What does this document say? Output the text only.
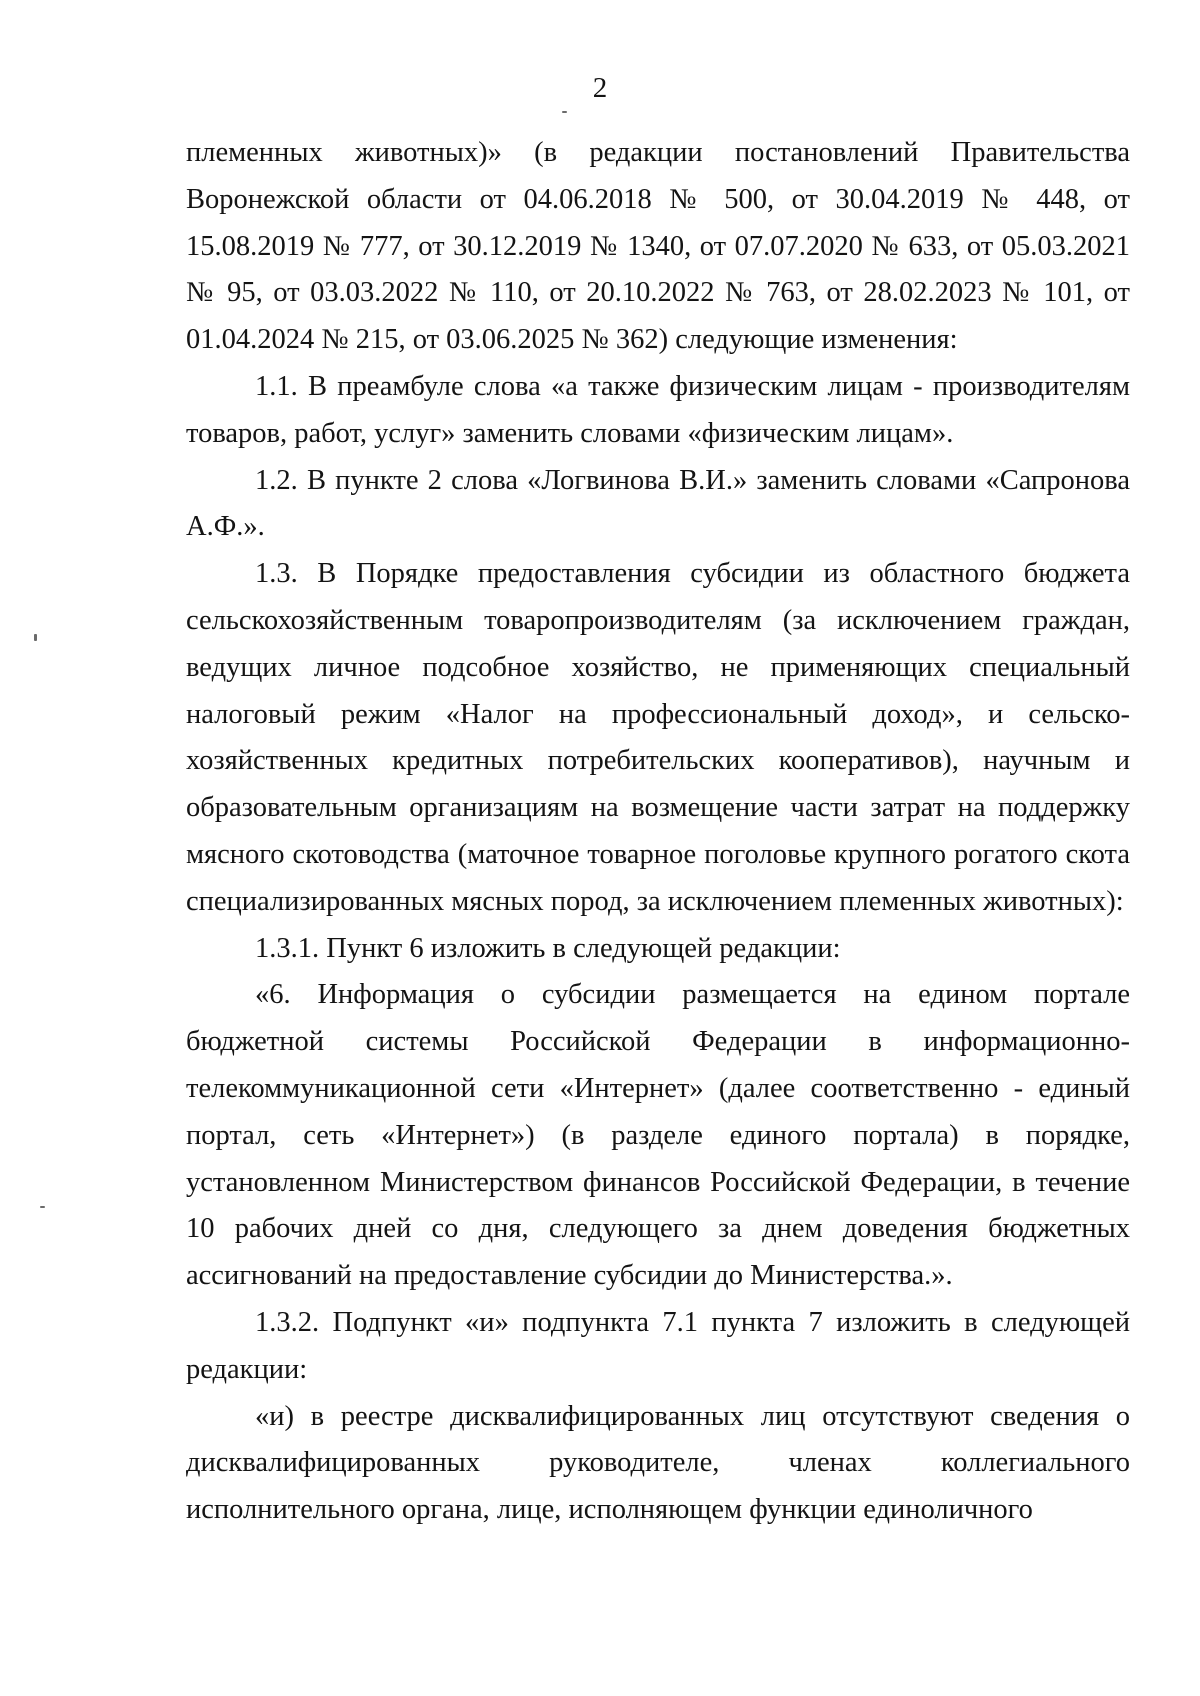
2

племенных животных)» (в редакции постановлений Правительства Воронежской области от 04.06.2018 № 500, от 30.04.2019 № 448, от 15.08.2019 № 777, от 30.12.2019 № 1340, от 07.07.2020 № 633, от 05.03.2021 № 95, от 03.03.2022 № 110, от 20.10.2022 № 763, от 28.02.2023 № 101, от 01.04.2024 № 215, от 03.06.2025 № 362) следующие изменения:

1.1. В преамбуле слова «а также физическим лицам - производителям товаров, работ, услуг» заменить словами «физическим лицам».

1.2. В пункте 2 слова «Логвинова В.И.» заменить словами «Сапронова А.Ф.».

1.3. В Порядке предоставления субсидии из областного бюджета сельскохозяйственным товаропроизводителям (за исключением граждан, ведущих личное подсобное хозяйство, не применяющих специальный налоговый режим «Налог на профессиональный доход», и сельско-хозяйственных кредитных потребительских кооперативов), научным и образовательным организациям на возмещение части затрат на поддержку мясного скотоводства (маточное товарное поголовье крупного рогатого скота специализированных мясных пород, за исключением племенных животных):

1.3.1. Пункт 6 изложить в следующей редакции:

«6. Информация о субсидии размещается на едином портале бюджетной системы Российской Федерации в информационно-телекоммуникационной сети «Интернет» (далее соответственно - единый портал, сеть «Интернет») (в разделе единого портала) в порядке, установленном Министерством финансов Российской Федерации, в течение 10 рабочих дней со дня, следующего за днем доведения бюджетных ассигнований на предоставление субсидии до Министерства.».

1.3.2. Подпункт «и» подпункта 7.1 пункта 7 изложить в следующей редакции:

«и) в реестре дисквалифицированных лиц отсутствуют сведения о дисквалифицированных руководителе, членах коллегиального исполнительного органа, лице, исполняющем функции единоличного
